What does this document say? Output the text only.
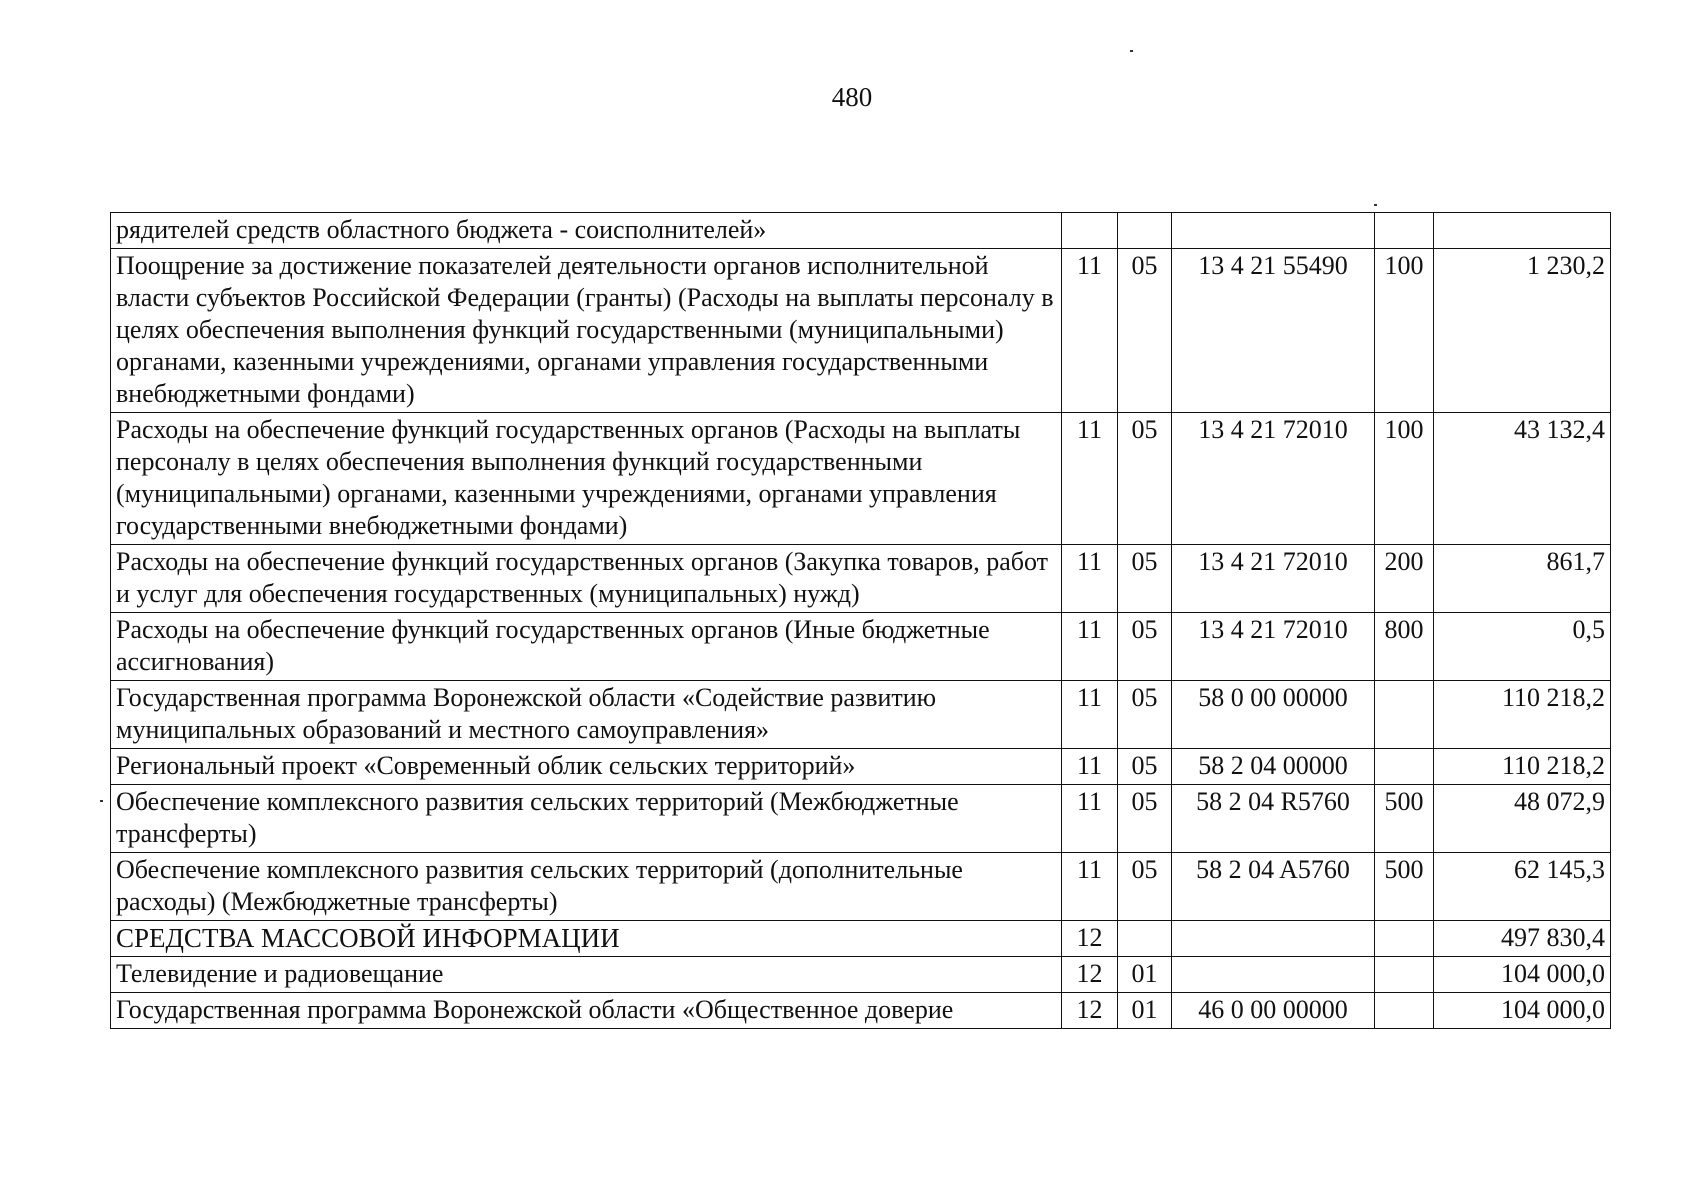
480
рядителей средств областного бюджета - соисполнителей»					
Поощрение за достижение показателей деятельности органов исполнительной власти субъектов Российской Федерации (гранты) (Расходы на выплаты персоналу в целях обеспечения выполнения функций государственными (муниципальными) органами, казенными учреждениями, органами управления государственными внебюджетными фондами)	11	05	13 4 21 55490	100	1 230,2
Расходы на обеспечение функций государственных органов (Расходы на выплаты персоналу в целях обеспечения выполнения функций государственными (муниципальными) органами, казенными учреждениями, органами управления государственными внебюджетными фондами)	11	05	13 4 21 72010	100	43 132,4
Расходы на обеспечение функций государственных органов (Закупка товаров, работ и услуг для обеспечения государственных (муниципальных) нужд)	11	05	13 4 21 72010	200	861,7
Расходы на обеспечение функций государственных органов (Иные бюджетные ассигнования)	11	05	13 4 21 72010	800	0,5
Государственная программа Воронежской области «Содействие развитию муниципальных образований и местного самоуправления»	11	05	58 0 00 00000		110 218,2
Региональный проект «Современный облик сельских территорий»	11	05	58 2 04 00000		110 218,2
Обеспечение комплексного развития сельских территорий (Межбюджетные трансферты)	11	05	58 2 04 R5760	500	48 072,9
Обеспечение комплексного развития сельских территорий (дополнительные расходы) (Межбюджетные трансферты)	11	05	58 2 04 A5760	500	62 145,3
СРЕДСТВА МАССОВОЙ ИНФОРМАЦИИ	12				497 830,4
Телевидение и радиовещание	12	01			104 000,0
Государственная программа Воронежской области «Общественное доверие	12	01	46 0 00 00000		104 000,0
